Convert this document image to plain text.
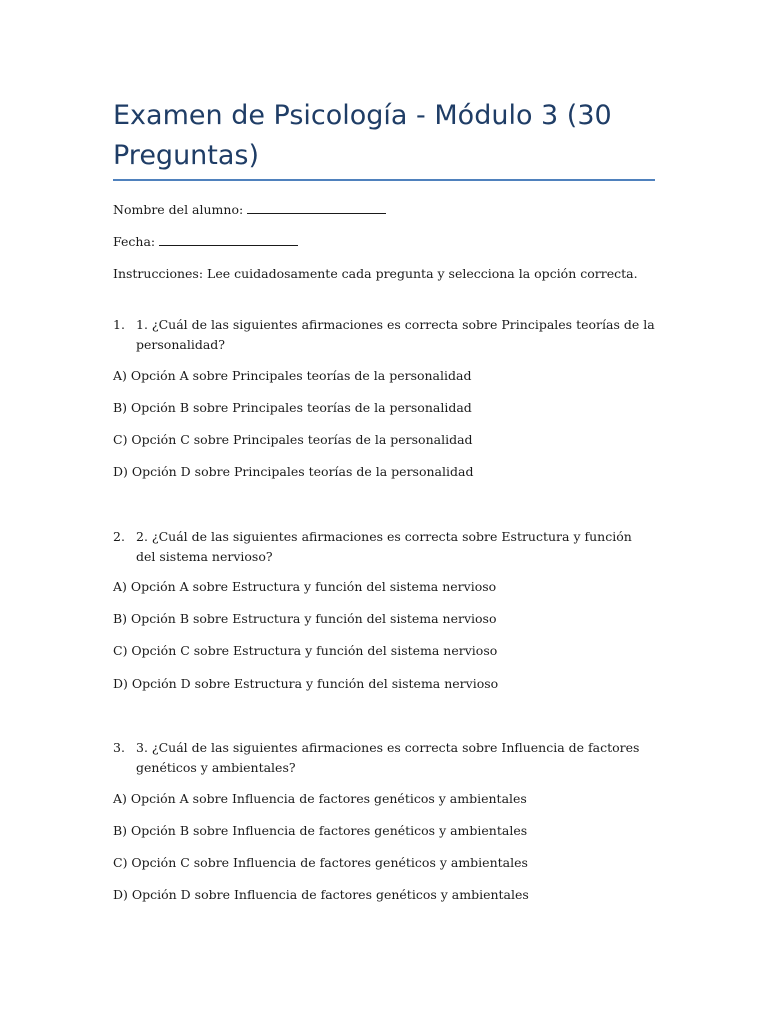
Examen de Psicología - Módulo 3 (30 Preguntas)
Nombre del alumno:
Fecha:
Instrucciones: Lee cuidadosamente cada pregunta y selecciona la opción correcta.
1. 1. ¿Cuál de las siguientes afirmaciones es correcta sobre Principales teorías de la personalidad?
A) Opción A sobre Principales teorías de la personalidad
B) Opción B sobre Principales teorías de la personalidad
C) Opción C sobre Principales teorías de la personalidad
D) Opción D sobre Principales teorías de la personalidad
2. 2. ¿Cuál de las siguientes afirmaciones es correcta sobre Estructura y función del sistema nervioso?
A) Opción A sobre Estructura y función del sistema nervioso
B) Opción B sobre Estructura y función del sistema nervioso
C) Opción C sobre Estructura y función del sistema nervioso
D) Opción D sobre Estructura y función del sistema nervioso
3. 3. ¿Cuál de las siguientes afirmaciones es correcta sobre Influencia de factores genéticos y ambientales?
A) Opción A sobre Influencia de factores genéticos y ambientales
B) Opción B sobre Influencia de factores genéticos y ambientales
C) Opción C sobre Influencia de factores genéticos y ambientales
D) Opción D sobre Influencia de factores genéticos y ambientales
